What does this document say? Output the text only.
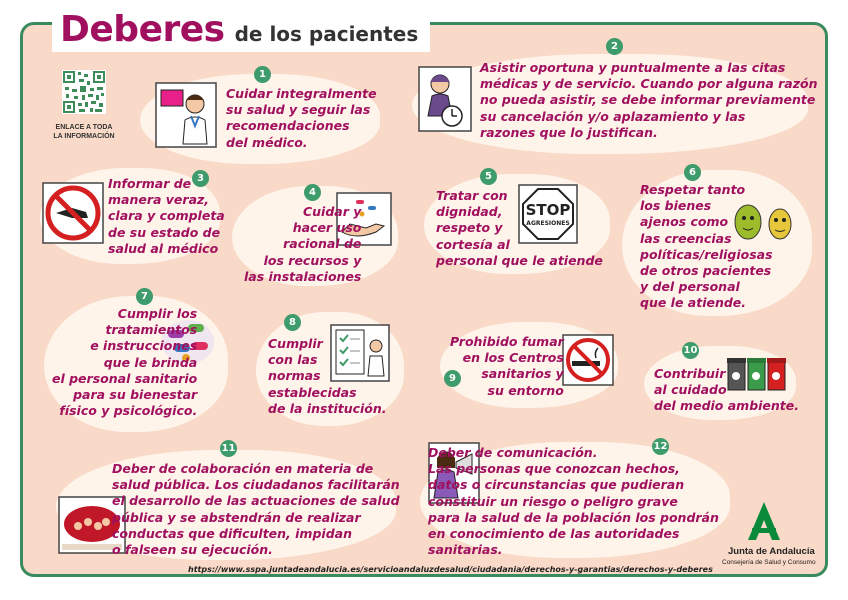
Deberes de los pacientes
ENLACE A TODA
LA INFORMACIÓN
STOP
AGRESIONES
Junta de Andalucía
Consejería de Salud y Consumo
Cuidar integralmente
su salud y seguir las
recomendaciones
del médico.
Asistir oportuna y puntualmente a las citas
médicas y de servicio. Cuando por alguna razón
no pueda asistir, se debe informar previamente
su cancelación y/o aplazamiento y las
razones que lo justifican.
Informar de
manera veraz,
clara y completa
de su estado de
salud al médico
Cuidar y
hacer uso
racional de
los recursos y
las instalaciones
Tratar con
dignidad,
respeto y
cortesía al
personal que le atiende
Respetar tanto
los bienes
ajenos como
las creencias
políticas/religiosas
de otros pacientes
y del personal
que le atiende.
Cumplir los
tratamientos
e instrucciones
que le brinda
el personal sanitario
para su bienestar
físico y psicológico.
Cumplir
con las
normas
establecidas
de la institución.
Prohibido fumar
en los Centros
sanitarios y
su entorno
Contribuir
al cuidado
del medio ambiente.
Deber de colaboración en materia de
salud pública. Los ciudadanos facilitarán
el desarrollo de las actuaciones de salud
pública y se abstendrán de realizar
conductas que dificulten, impidan
o falseen su ejecución.
Deber de comunicación.
Las personas que conozcan hechos,
datos o circunstancias que pudieran
constituir un riesgo o peligro grave
para la salud de la población los pondrán
en conocimiento de las autoridades
sanitarias.
1
2
3
4
5	6
7
8
9
10
11	12
https://www.sspa.juntadeandalucia.es/servicioandaluzdesalud/ciudadania/derechos-y-garantias/derechos-y-deberes
